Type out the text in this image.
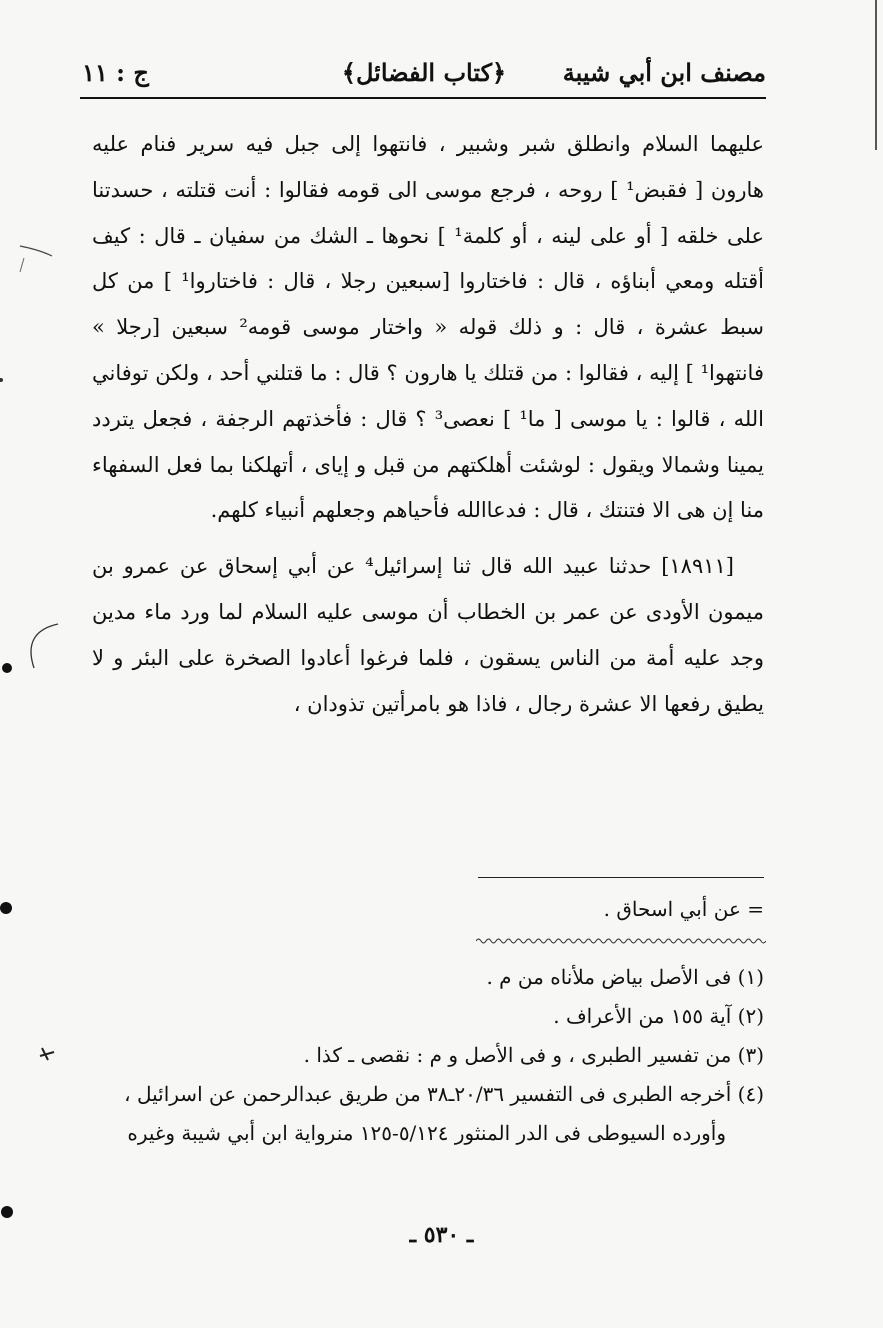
مصنف ابن أبي شيبة
﴿كتاب الفضائل﴾
ج : ١١

عليهما السلام وانطلق شبر وشبير ، فانتهوا إلى جبل فيه سرير فنام عليه هارون [ فقبض¹ ] روحه ، فرجع موسى الى قومه فقالوا : أنت قتلته ، حسدتنا على خلقه [ أو على لينه ، أو كلمة¹ ] نحوها ـ الشك من سفيان ـ قال : كيف أقتله ومعي أبناؤه ، قال : فاختاروا [سبعين رجلا ، قال : فاختاروا¹ ] من كل سبط عشرة ، قال : و ذلك قوله « واختار موسى قومه² سبعين [رجلا » فانتهوا¹ ] إليه ، فقالوا : من قتلك يا هارون ؟ قال : ما قتلني أحد ، ولكن توفاني الله ، قالوا : يا موسى [ ما¹ ] نعصى³ ؟ قال : فأخذتهم الرجفة ، فجعل يتردد يمينا وشمالا ويقول : لوشئت أهلكتهم من قبل و إياى ، أتهلكنا بما فعل السفهاء منا إن هى الا فتنتك ، قال : فدعاالله فأحياهم وجعلهم أنبياء كلهم.

[١٨٩١١] حدثنا عبيد الله قال ثنا إسرائيل⁴ عن أبي إسحاق عن عمرو بن ميمون الأودى عن عمر بن الخطاب أن موسى عليه السلام لما ورد ماء مدين وجد عليه أمة من الناس يسقون ، فلما فرغوا أعادوا الصخرة على البئر و لا يطيق رفعها الا عشرة رجال ، فاذا هو بامرأتين تذودان ،

= عن أبي اسحاق .

(١) فى الأصل بياض ملأناه من م .

(٢) آية ١٥٥ من الأعراف .

(٣) من تفسير الطبرى ، و فى الأصل و م : نقصى ـ كذا .

(٤) أخرجه الطبرى فى التفسير ٢٠/٣٦ـ٣٨ من طريق عبدالرحمن عن اسرائيل ،

وأورده السيوطى فى الدر المنثور ٥/١٢٤-١٢٥ منرواية ابن أبي شيبة وغيره

ـ ٥٣٠ ـ
